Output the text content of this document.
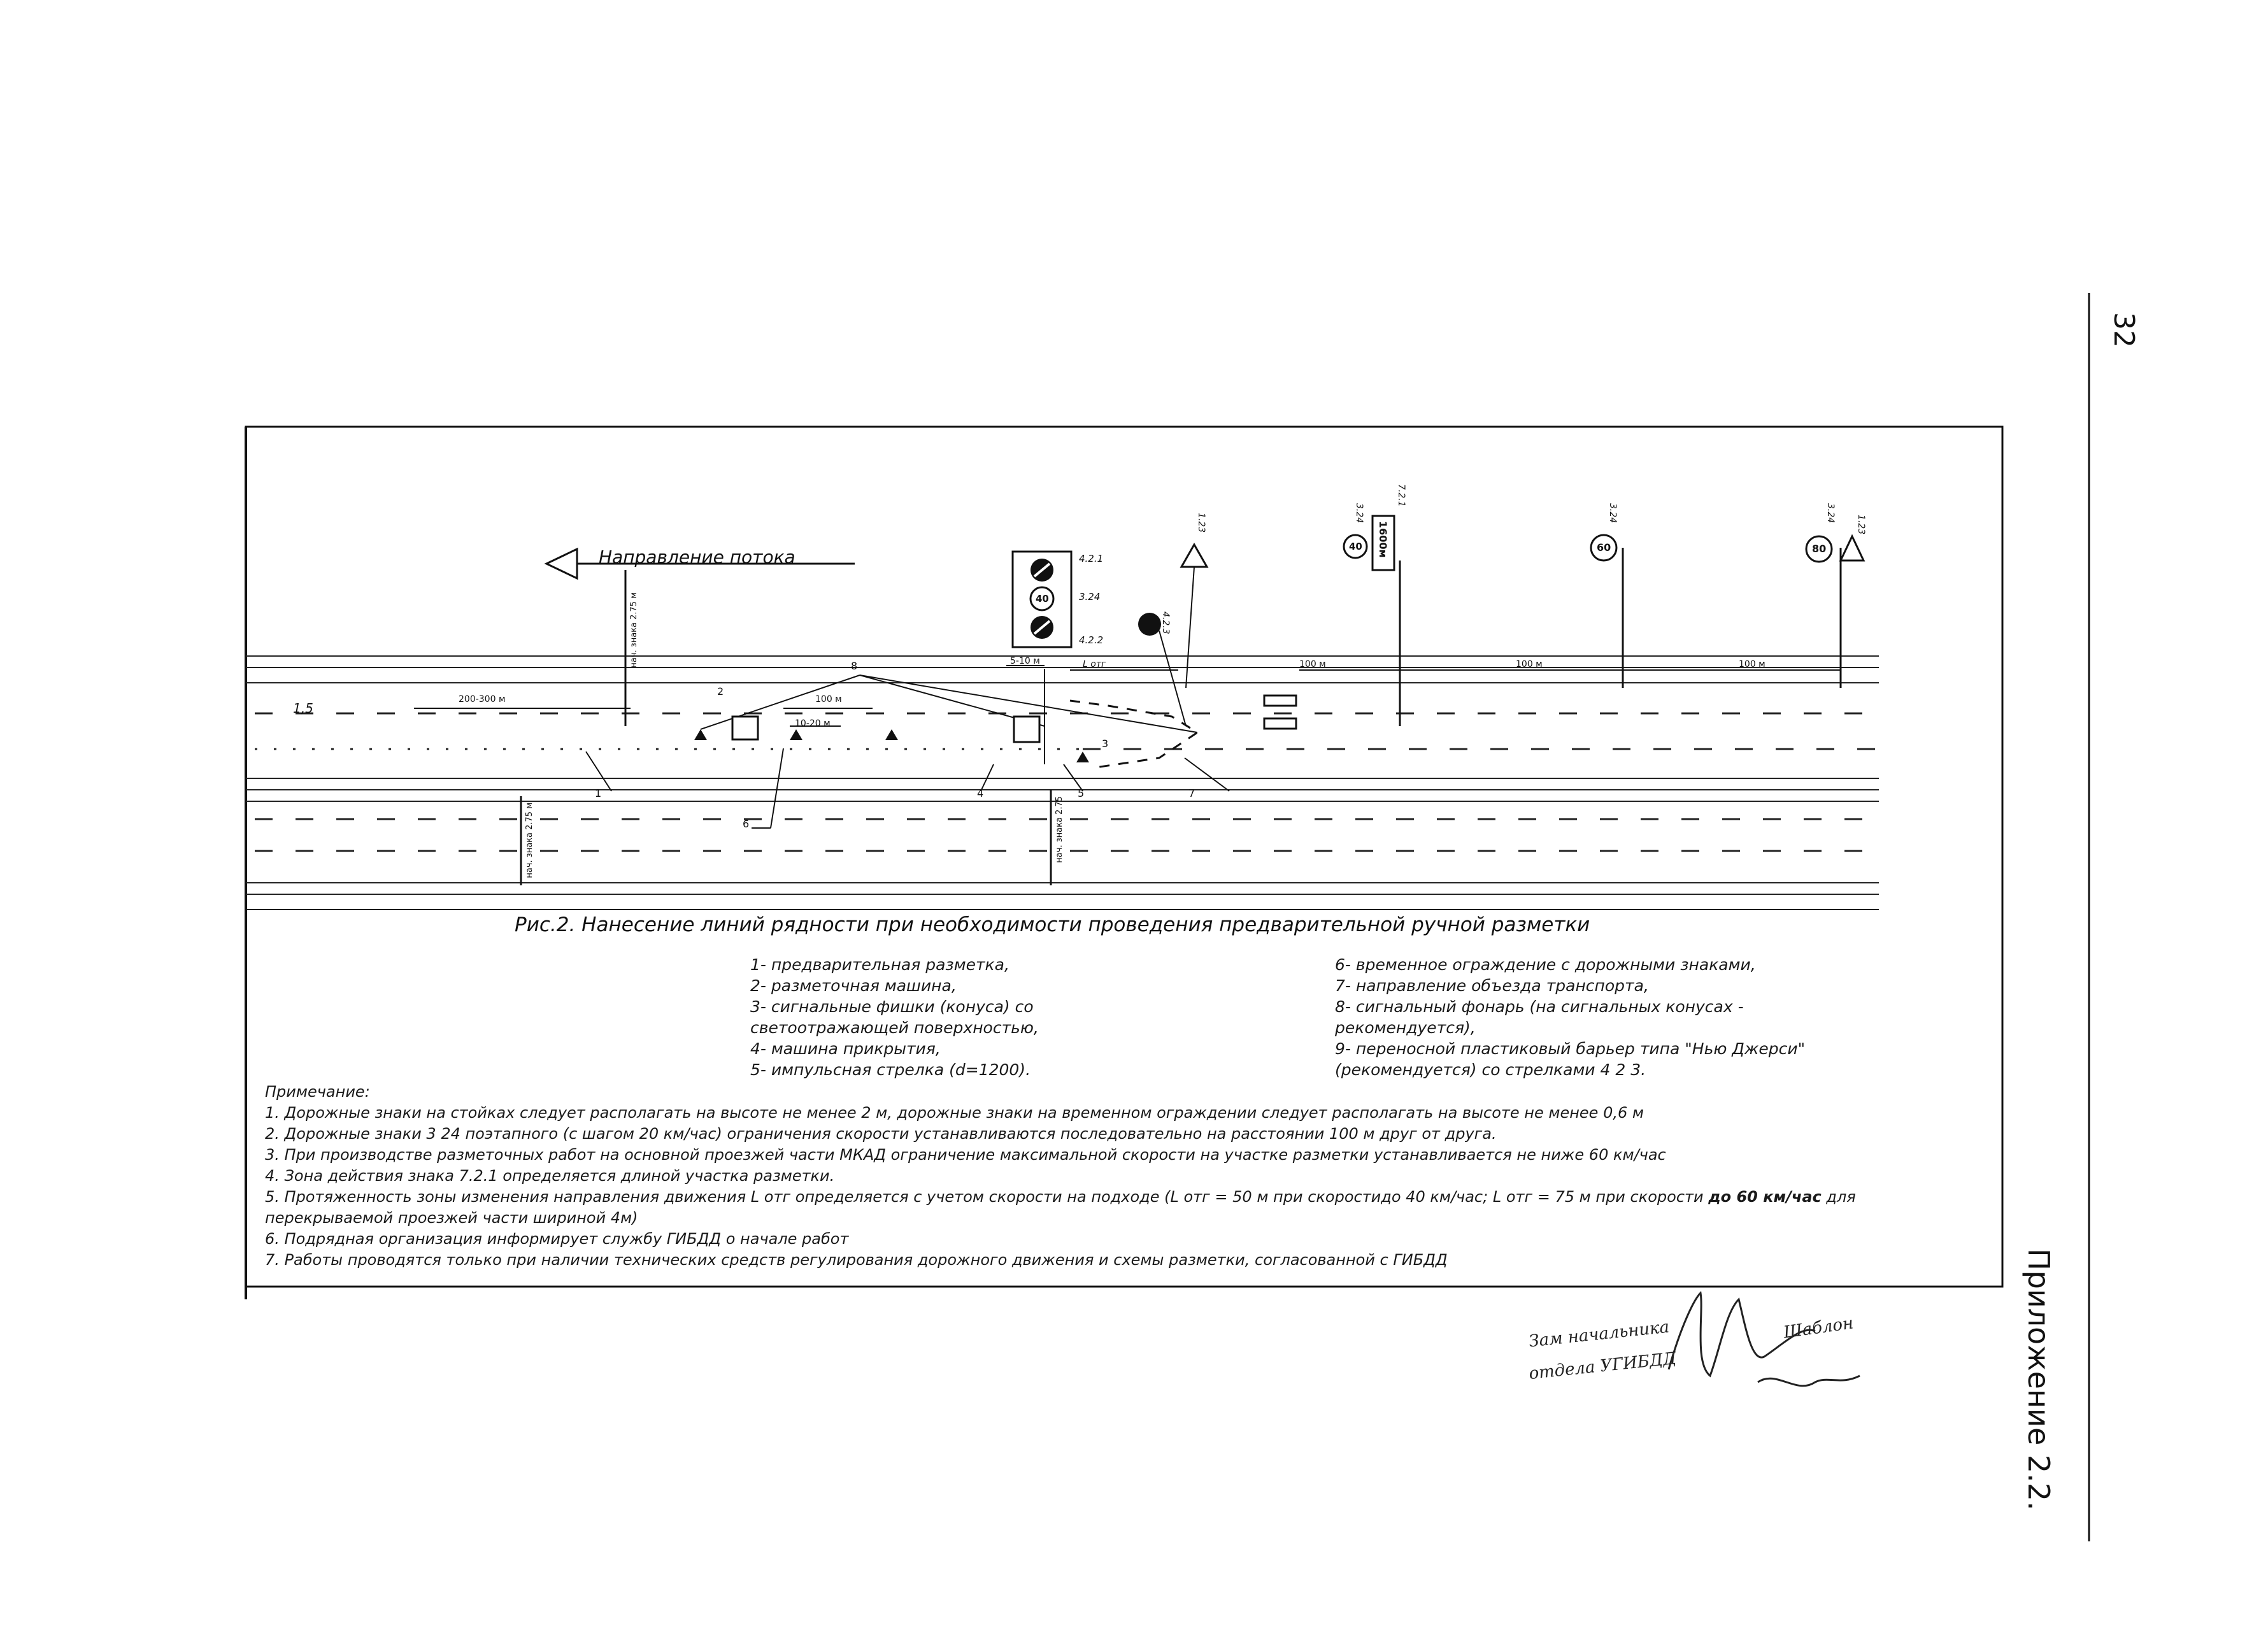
32
Приложение 2.2.
Направление потока
1,5
200-300 м	100 м
10-20 м
5-10 м	L отг	100 м	100 м	100 м
нач. знака 2.75 м
нач. знака 2.75 м	нач. знака 2.75
4.2.1
3.24
4.2.2
40
1.23
4.2.3
3.24
7.2.1
40 1600м
3.24
60
3.24
1.23
80
1
2
3
4	5
6
7
8
Рис.2. Нанесение линий рядности при необходимости проведения предварительной ручной разметки
1- предварительная разметка,
2- разметочная машина,
3- сигнальные фишки (конуса) со
светоотражающей поверхностью,
4- машина прикрытия,
5- импульсная стрелка (d=1200).
6- временное ограждение с дорожными знаками,
7- направление объезда транспорта,
8- сигнальный фонарь (на сигнальных конусах -
рекомендуется),
9- переносной пластиковый барьер типа "Нью Джерси"
(рекомендуется) со стрелками 4 2 3.
Примечание:
1. Дорожные знаки на стойках следует располагать на высоте не менее 2 м, дорожные знаки на временном ограждении следует располагать на высоте не менее 0,6 м
2. Дорожные знаки 3 24 поэтапного (с шагом 20 км/час) ограничения скорости устанавливаются последовательно на расстоянии 100 м друг от друга.
3. При производстве разметочных работ на основной проезжей части МКАД ограничение максимальной скорости на участке разметки устанавливается не ниже 60 км/час
4. Зона действия знака 7.2.1 определяется длиной участка разметки.
5. Протяженность зоны изменения направления движения L отг определяется с учетом скорости на подходе (L отг = 50 м при скоростидо 40 км/час; L отг = 75 м при скорости до 60 км/час для
перекрываемой проезжей части шириной 4м)
6. Подрядная организация информирует службу ГИБДД о начале работ
7. Работы проводятся только при наличии технических средств регулирования дорожного движения и схемы разметки, согласованной с ГИБДД
Зам начальника
отдела УГИБДД
Шаблон
